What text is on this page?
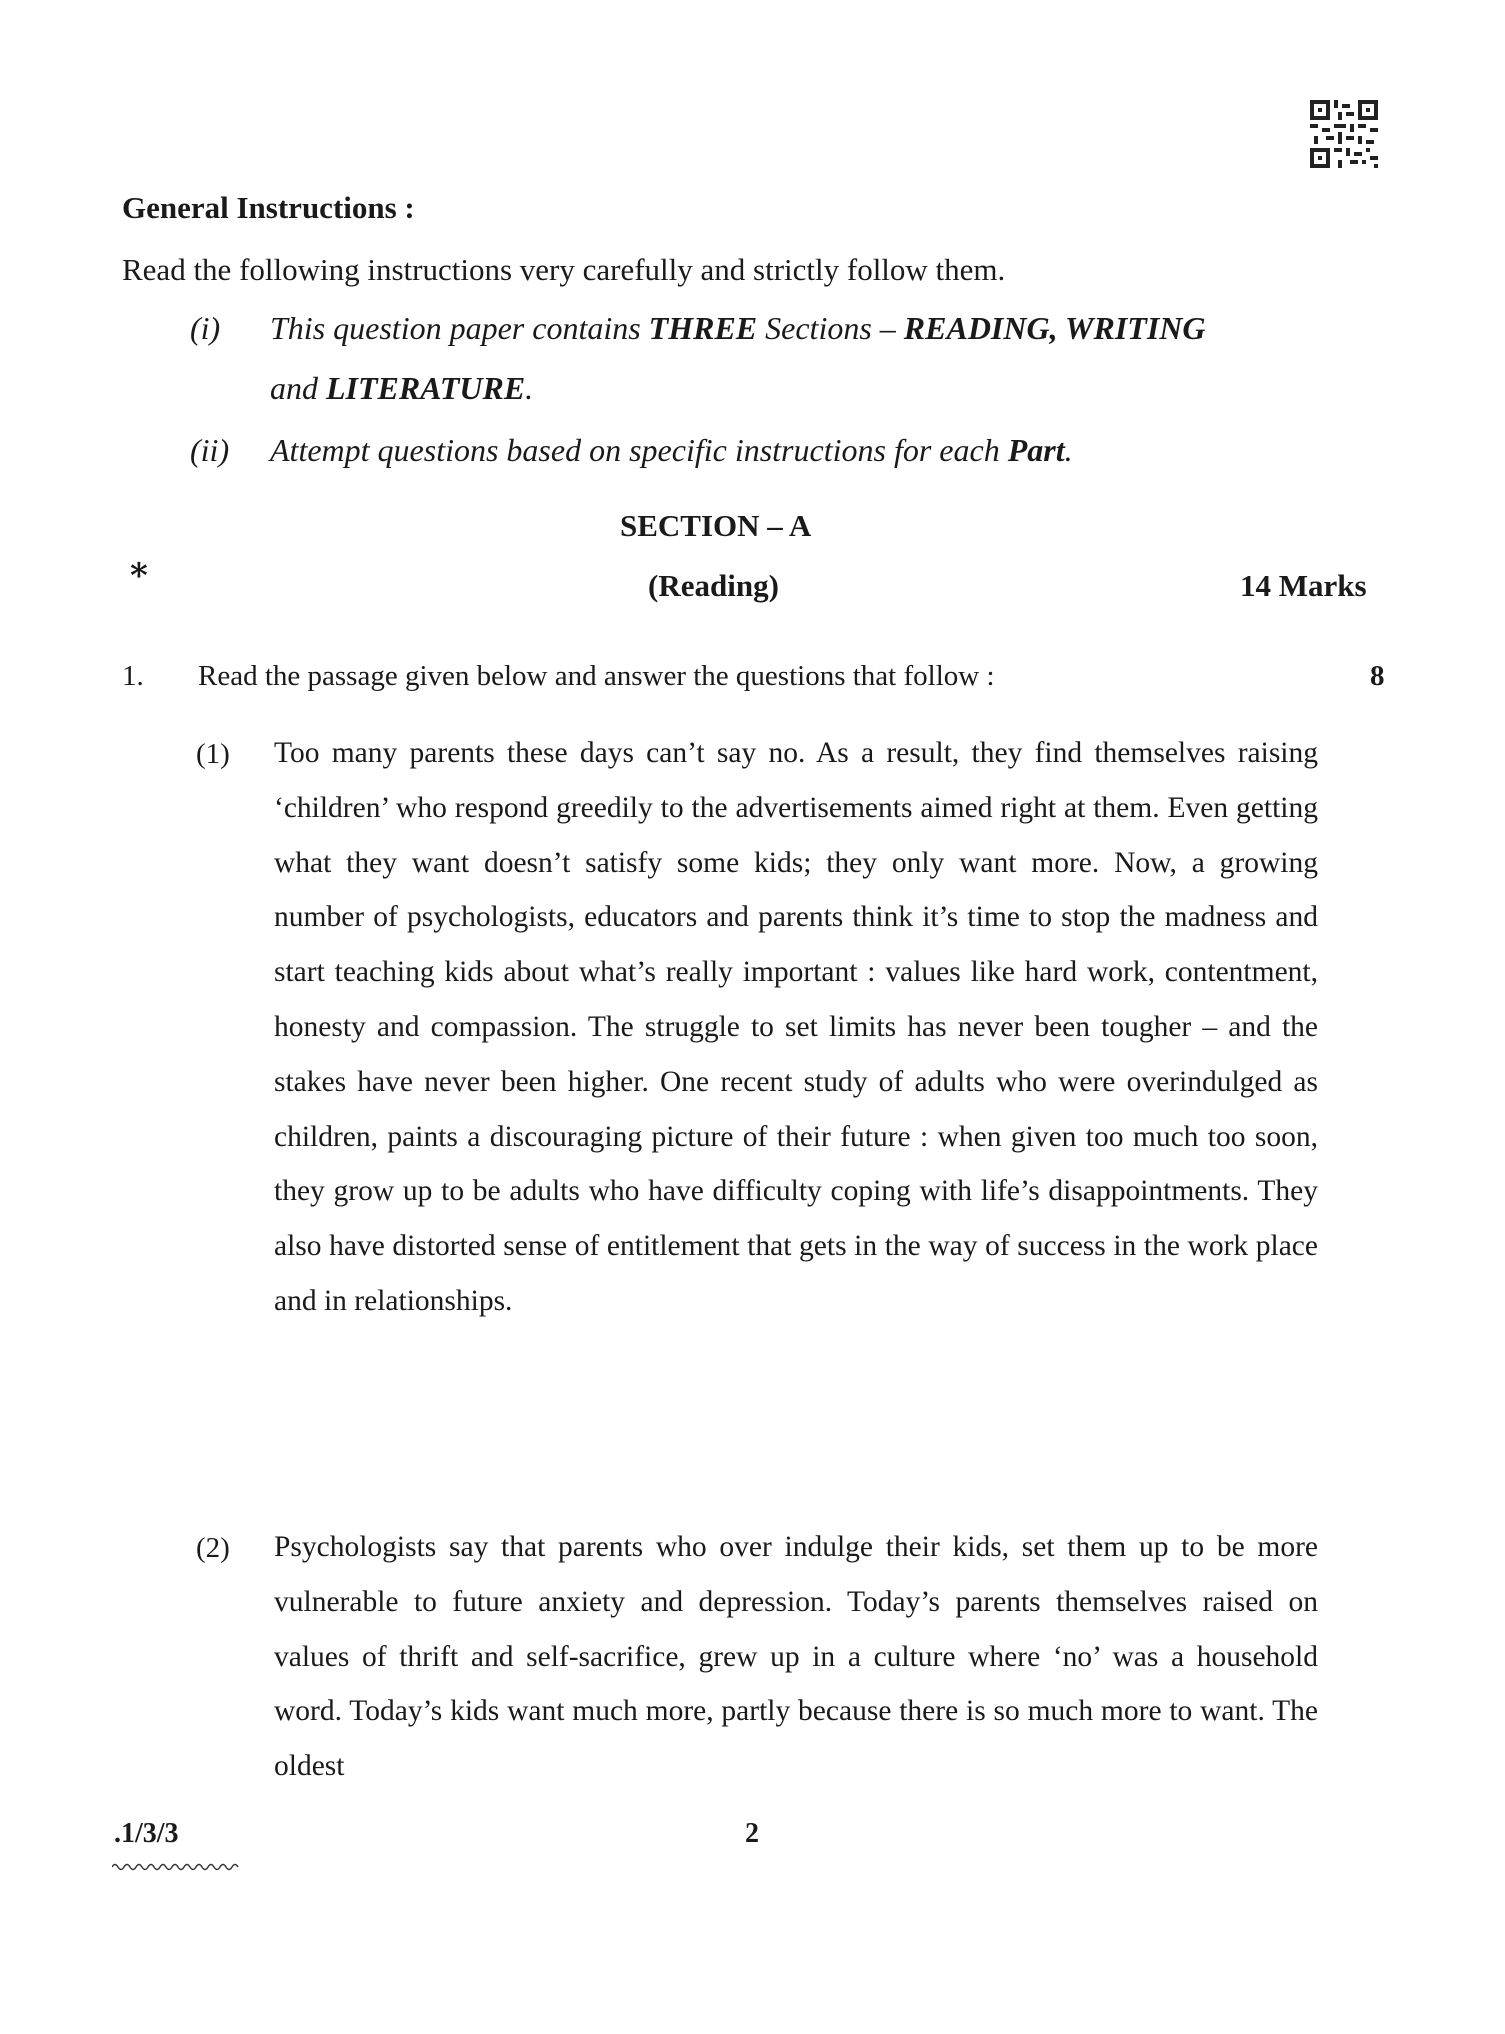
General Instructions :
Read the following instructions very carefully and strictly follow them.
(i) This question paper contains THREE Sections – READING, WRITING
and LITERATURE.
(ii) Attempt questions based on specific instructions for each Part.
SECTION – A
*	(Reading)	14 Marks
1. Read the passage given below and answer the questions that follow :	8
(1) Too many parents these days can’t say no. As a result, they find themselves raising ‘children’ who respond greedily to the advertisements aimed right at them. Even getting what they want doesn’t satisfy some kids; they only want more. Now, a growing number of psychologists, educators and parents think it’s time to stop the madness and start teaching kids about what’s really important : values like hard work, contentment, honesty and compassion. The struggle to set limits has never been tougher – and the stakes have never been higher. One recent study of adults who were overindulged as children, paints a discouraging picture of their future : when given too much too soon, they grow up to be adults who have difficulty coping with life’s disappointments. They also have distorted sense of entitlement that gets in the way of success in the work place and in relationships.

(2) Psychologists say that parents who over indulge their kids, set them up to be more vulnerable to future anxiety and depression. Today’s parents themselves raised on values of thrift and self-sacrifice, grew up in a culture where ‘no’ was a household word. Today’s kids want much more, partly because there is so much more to want. The oldest

.1/3/3	2
